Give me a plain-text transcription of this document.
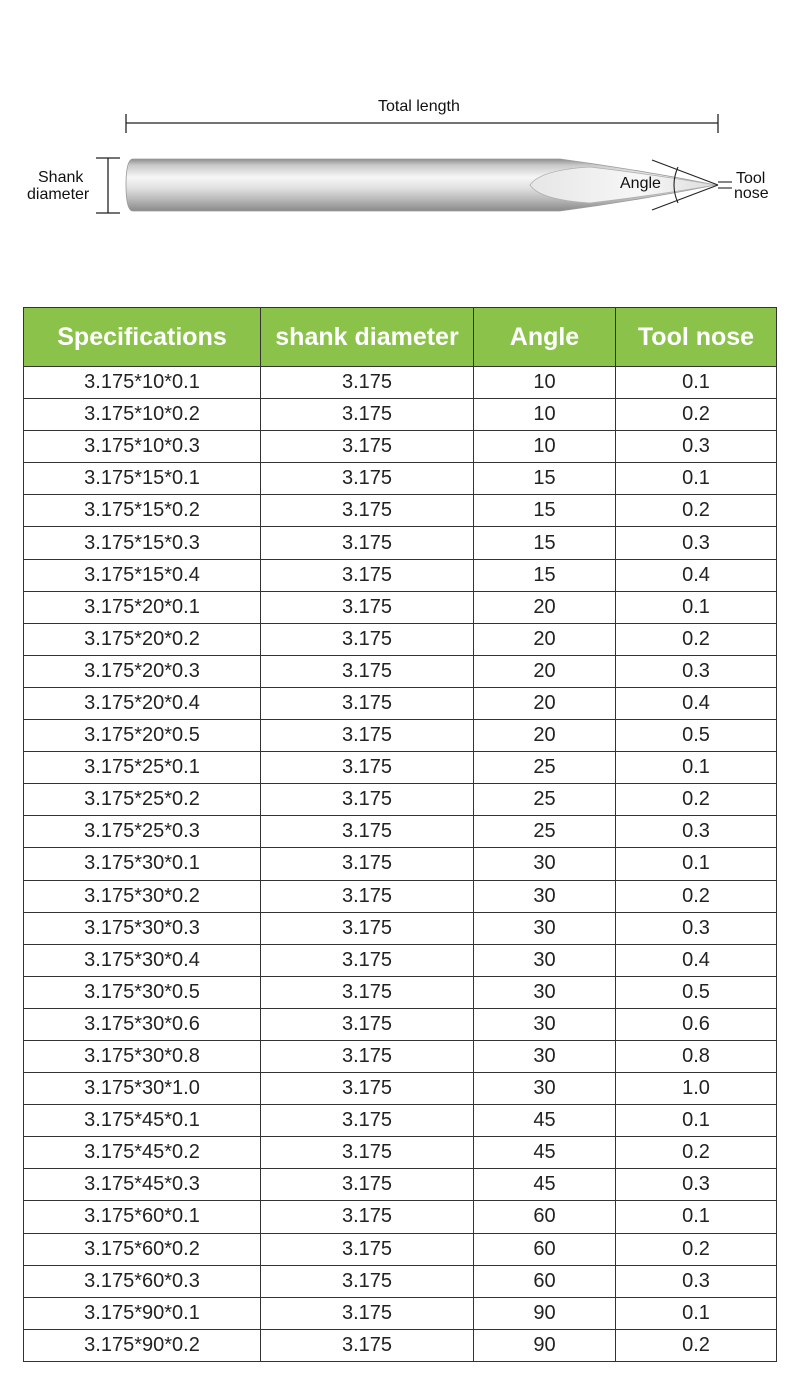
Total length
Shank
diameter
Angle	Tool
nose
Specifications	shank diameter	Angle	Tool nose
3.175*10*0.1	3.175	10	0.1
3.175*10*0.2	3.175	10	0.2
3.175*10*0.3	3.175	10	0.3
3.175*15*0.1	3.175	15	0.1
3.175*15*0.2	3.175	15	0.2
3.175*15*0.3	3.175	15	0.3
3.175*15*0.4	3.175	15	0.4
3.175*20*0.1	3.175	20	0.1
3.175*20*0.2	3.175	20	0.2
3.175*20*0.3	3.175	20	0.3
3.175*20*0.4	3.175	20	0.4
3.175*20*0.5	3.175	20	0.5
3.175*25*0.1	3.175	25	0.1
3.175*25*0.2	3.175	25	0.2
3.175*25*0.3	3.175	25	0.3
3.175*30*0.1	3.175	30	0.1
3.175*30*0.2	3.175	30	0.2
3.175*30*0.3	3.175	30	0.3
3.175*30*0.4	3.175	30	0.4
3.175*30*0.5	3.175	30	0.5
3.175*30*0.6	3.175	30	0.6
3.175*30*0.8	3.175	30	0.8
3.175*30*1.0	3.175	30	1.0
3.175*45*0.1	3.175	45	0.1
3.175*45*0.2	3.175	45	0.2
3.175*45*0.3	3.175	45	0.3
3.175*60*0.1	3.175	60	0.1
3.175*60*0.2	3.175	60	0.2
3.175*60*0.3	3.175	60	0.3
3.175*90*0.1	3.175	90	0.1
3.175*90*0.2	3.175	90	0.2
